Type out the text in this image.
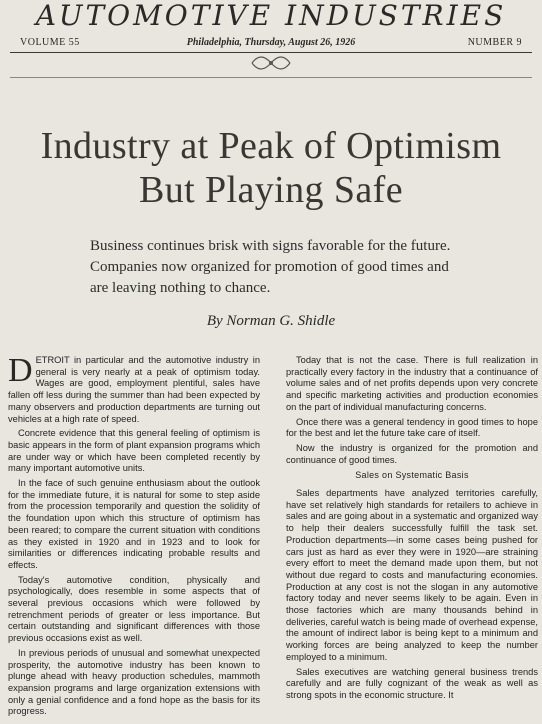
AUTOMOTIVE INDUSTRIES
VOLUME 55	Philadelphia, Thursday, August 26, 1926	NUMBER 9
Industry at Peak of Optimism
But Playing Safe
Business continues brisk with signs favorable for the future. Companies now organized for promotion of good times and are leaving nothing to chance.
By Norman G. Shidle

DETROIT in particular and the automotive industry in general is very nearly at a peak of optimism today. Wages are good, employment plentiful, sales have fallen off less during the summer than had been expected by many observers and production departments are turning out vehicles at a high rate of speed.

Concrete evidence that this general feeling of optimism is basic appears in the form of plant expansion programs which are under way or which have been completed recently by many important automotive units.

In the face of such genuine enthusiasm about the outlook for the immediate future, it is natural for some to step aside from the procession temporarily and question the solidity of the foundation upon which this structure of optimism has been reared; to compare the current situation with conditions as they existed in 1920 and in 1923 and to look for similarities or differences indicating probable results and effects.

Today's automotive condition, physically and psychologically, does resemble in some aspects that of several previous occasions which were followed by retrenchment periods of greater or less importance. But certain outstanding and significant differences with those previous occasions exist as well.

In previous periods of unusual and somewhat unexpected prosperity, the automotive industry has been known to plunge ahead with heavy production schedules, mammoth expansion programs and large organization extensions with only a genial confidence and a fond hope as the basis for its progress.

Today that is not the case. There is full realization in practically every factory in the industry that a continuance of volume sales and of net profits depends upon very concrete and specific marketing activities and production economies on the part of individual manufacturing concerns.

Once there was a general tendency in good times to hope for the best and let the future take care of itself.

Now the industry is organized for the promotion and continuance of good times.

Sales on Systematic Basis

Sales departments have analyzed territories carefully, have set relatively high standards for retailers to achieve in sales and are going about in a systematic and organized way to help their dealers successfully fulfill the task set. Production departments—in some cases being pushed for cars just as hard as ever they were in 1920—are straining every effort to meet the demand made upon them, but not without due regard to costs and manufacturing economies. Production at any cost is not the slogan in any automotive factory today and never seems likely to be again. Even in those factories which are many thousands behind in deliveries, careful watch is being made of overhead expense, the amount of indirect labor is being kept to a minimum and working forces are being analyzed to keep the number employed to a minimum.

Sales executives are watching general business trends carefully and are fully cognizant of the weak as well as strong spots in the economic structure. It
